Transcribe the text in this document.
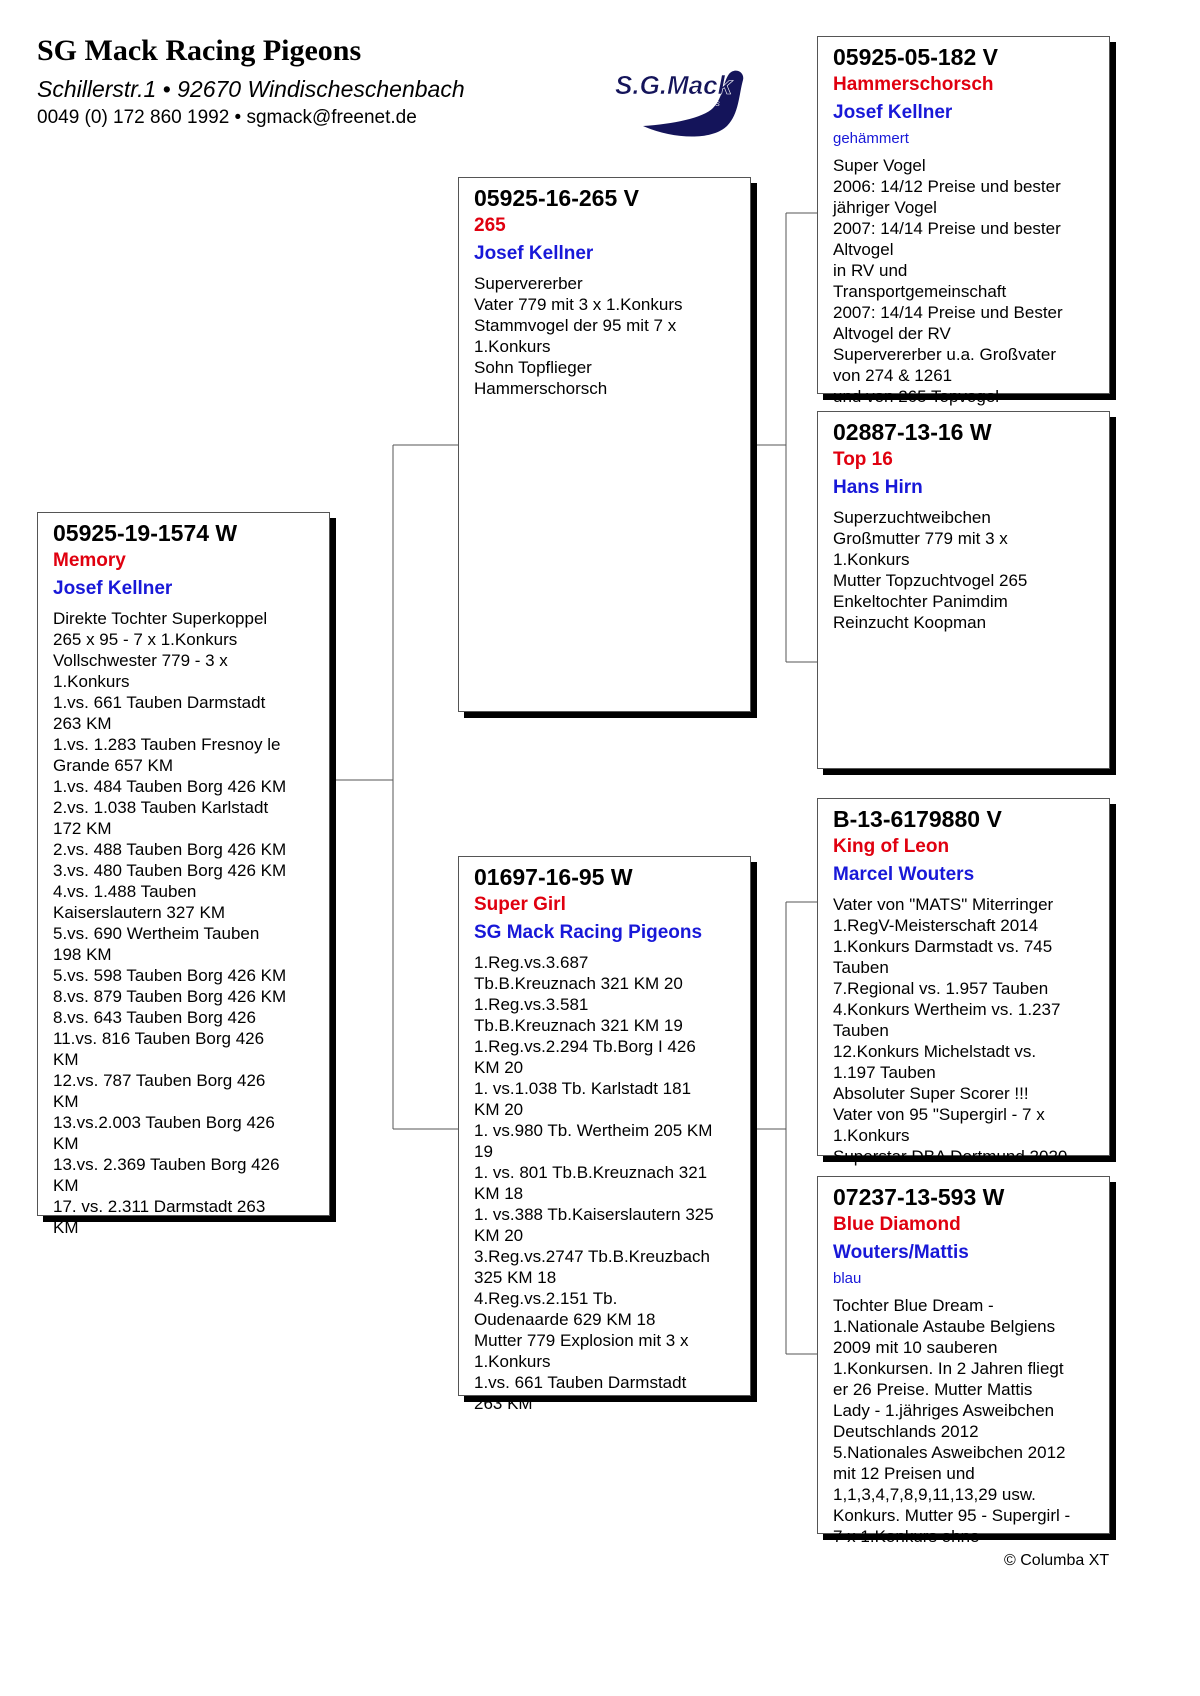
SG Mack Racing Pigeons
Schillerstr.1 • 92670 Windischeschenbach
0049 (0) 172 860 1992 • sgmack@freenet.de
S.G.Mack
RACING PIGEONS
05925-19-1574 W
Memory
Josef Kellner
Direkte Tochter Superkoppel
265 x 95 - 7 x 1.Konkurs
Vollschwester 779 - 3 x
1.Konkurs
1.vs. 661 Tauben Darmstadt
263 KM
1.vs. 1.283 Tauben Fresnoy le
Grande 657 KM
1.vs. 484 Tauben Borg 426 KM
2.vs. 1.038 Tauben Karlstadt
172 KM
2.vs. 488 Tauben Borg 426 KM
3.vs. 480 Tauben Borg 426 KM
4.vs. 1.488 Tauben
Kaiserslautern 327 KM
5.vs. 690 Wertheim Tauben
198 KM
5.vs. 598 Tauben Borg 426 KM
8.vs. 879 Tauben Borg 426 KM
8.vs. 643 Tauben Borg 426
11.vs. 816 Tauben Borg 426
KM
12.vs. 787 Tauben Borg 426
KM
13.vs.2.003 Tauben Borg 426
KM
13.vs. 2.369 Tauben Borg 426
KM
17. vs. 2.311 Darmstadt 263
KM
05925-16-265 V
265
Josef Kellner
Supervererber
Vater 779 mit 3 x 1.Konkurs
Stammvogel der 95 mit 7 x
1.Konkurs
Sohn Topflieger
Hammerschorsch
01697-16-95 W
Super Girl
SG Mack Racing Pigeons
1.Reg.vs.3.687
Tb.B.Kreuznach 321 KM 20
1.Reg.vs.3.581
Tb.B.Kreuznach 321 KM 19
1.Reg.vs.2.294 Tb.Borg I 426
KM 20
1. vs.1.038 Tb. Karlstadt 181
KM 20
1. vs.980 Tb. Wertheim 205 KM
19
1. vs. 801 Tb.B.Kreuznach 321
KM 18
1. vs.388 Tb.Kaiserslautern 325
KM 20
3.Reg.vs.2747 Tb.B.Kreuzbach
325 KM 18
4.Reg.vs.2.151 Tb.
Oudenaarde 629 KM 18
Mutter 779 Explosion mit 3 x
1.Konkurs
1.vs. 661 Tauben Darmstadt
263 KM
05925-05-182 V
Hammerschorsch
Josef Kellner
gehämmert
Super Vogel
2006: 14/12 Preise und bester
jähriger Vogel
2007: 14/14 Preise und bester
Altvogel
in RV und
Transportgemeinschaft
2007: 14/14 Preise und Bester
Altvogel der RV
Supervererber u.a. Großvater
von 274 & 1261
und von 265 Topvogel
02887-13-16 W
Top 16
Hans Hirn
Superzuchtweibchen
Großmutter 779 mit 3 x
1.Konkurs
Mutter Topzuchtvogel 265
Enkeltochter Panimdim
Reinzucht Koopman
B-13-6179880 V
King of Leon
Marcel Wouters
Vater von "MATS" Miterringer
1.RegV-Meisterschaft 2014
1.Konkurs Darmstadt vs. 745
Tauben
7.Regional vs. 1.957 Tauben
4.Konkurs Wertheim vs. 1.237
Tauben
12.Konkurs Michelstadt vs.
1.197 Tauben
Absoluter Super Scorer !!!
Vater von 95 "Supergirl - 7 x
1.Konkurs
Superstar DBA Dortmund 2020
07237-13-593 W
Blue Diamond
Wouters/Mattis
blau
Tochter Blue Dream -
1.Nationale Astaube Belgiens
2009 mit 10 sauberen
1.Konkursen. In 2 Jahren fliegt
er 26 Preise. Mutter Mattis
Lady - 1.jähriges Asweibchen
Deutschlands 2012
5.Nationales Asweibchen 2012
mit 12 Preisen und
1,1,3,4,7,8,9,11,13,29 usw.
Konkurs. Mutter 95 - Supergirl -
7 x 1.Konkurs ohne
© Columba XT
